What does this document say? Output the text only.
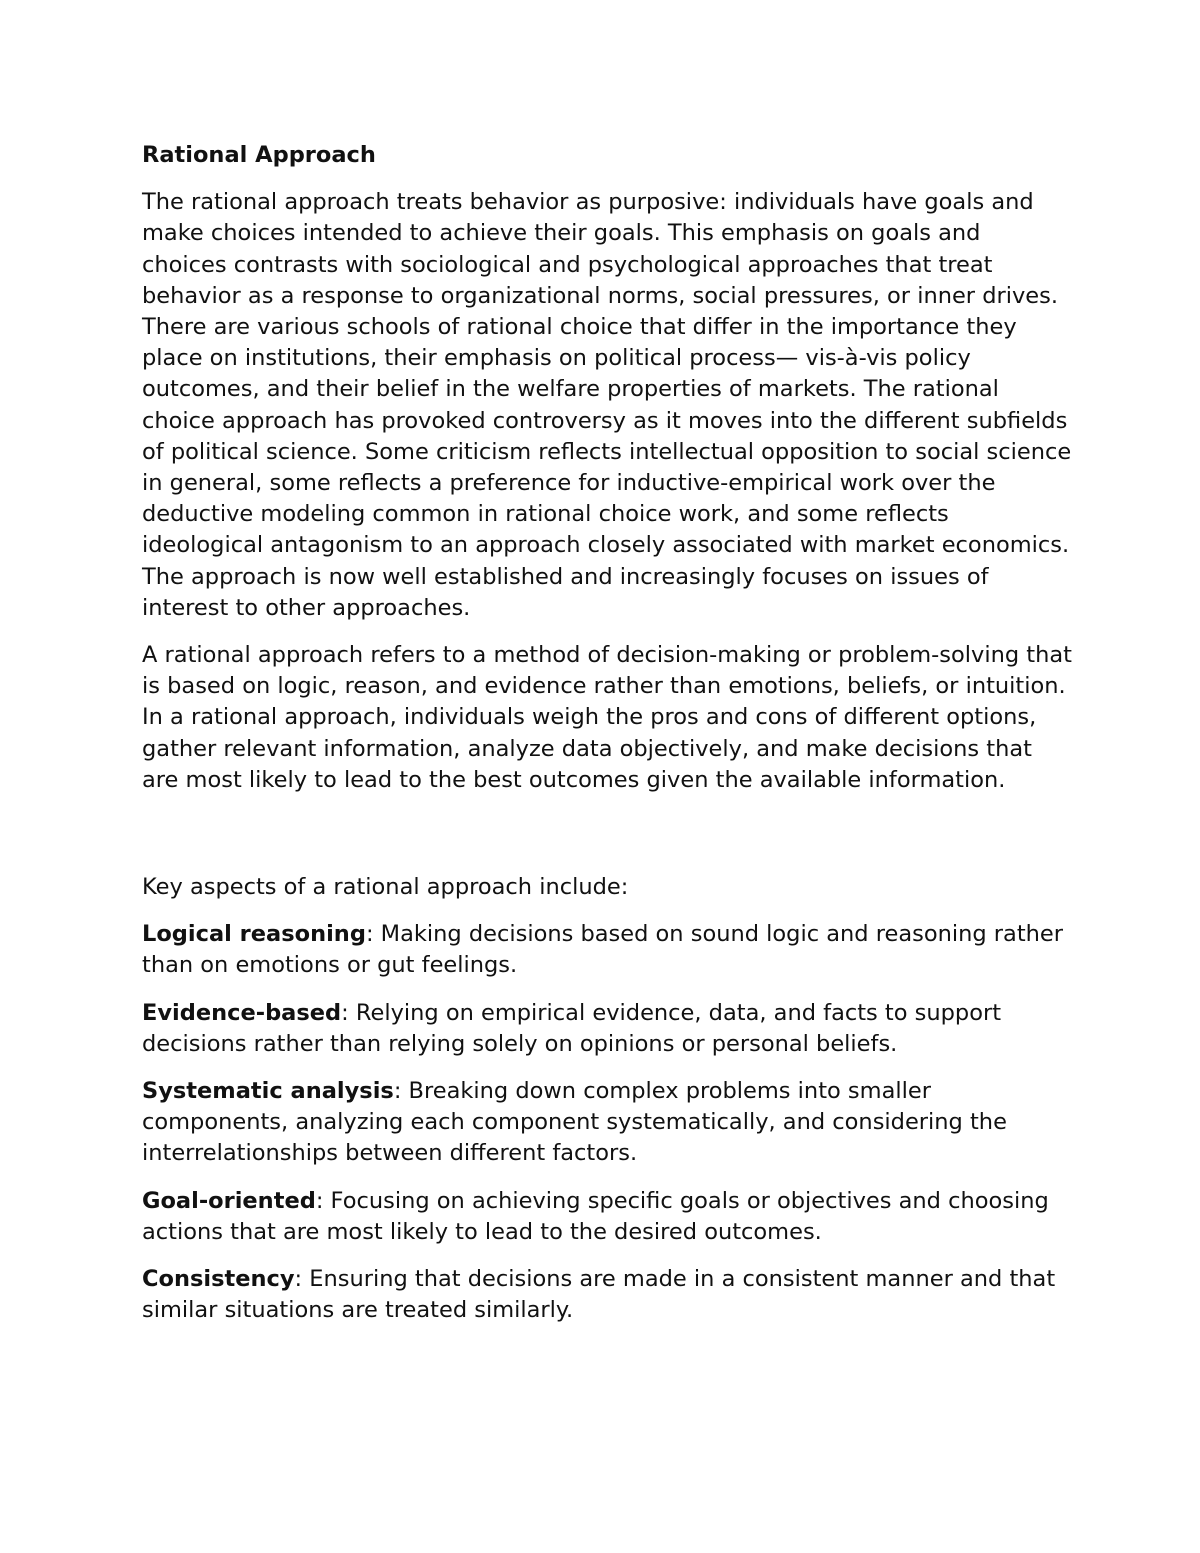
Rational Approach

The rational approach treats behavior as purposive: individuals have goals and make choices intended to achieve their goals. This emphasis on goals and choices contrasts with sociological and psychological approaches that treat behavior as a response to organizational norms, social pressures, or inner drives. There are various schools of rational choice that differ in the importance they place on institutions, their emphasis on political process— vis-à-vis policy outcomes, and their belief in the welfare properties of markets. The rational choice approach has provoked controversy as it moves into the different subfields of political science. Some criticism reflects intellectual opposition to social science in general, some reflects a preference for inductive-empirical work over the deductive modeling common in rational choice work, and some reflects ideological antagonism to an approach closely associated with market economics. The approach is now well established and increasingly focuses on issues of interest to other approaches.

A rational approach refers to a method of decision-making or problem-solving that is based on logic, reason, and evidence rather than emotions, beliefs, or intuition. In a rational approach, individuals weigh the pros and cons of different options, gather relevant information, analyze data objectively, and make decisions that are most likely to lead to the best outcomes given the available information.

Key aspects of a rational approach include:

Logical reasoning: Making decisions based on sound logic and reasoning rather than on emotions or gut feelings.

Evidence-based: Relying on empirical evidence, data, and facts to support decisions rather than relying solely on opinions or personal beliefs.

Systematic analysis: Breaking down complex problems into smaller components, analyzing each component systematically, and considering the interrelationships between different factors.

Goal-oriented: Focusing on achieving specific goals or objectives and choosing actions that are most likely to lead to the desired outcomes.

Consistency: Ensuring that decisions are made in a consistent manner and that similar situations are treated similarly.
